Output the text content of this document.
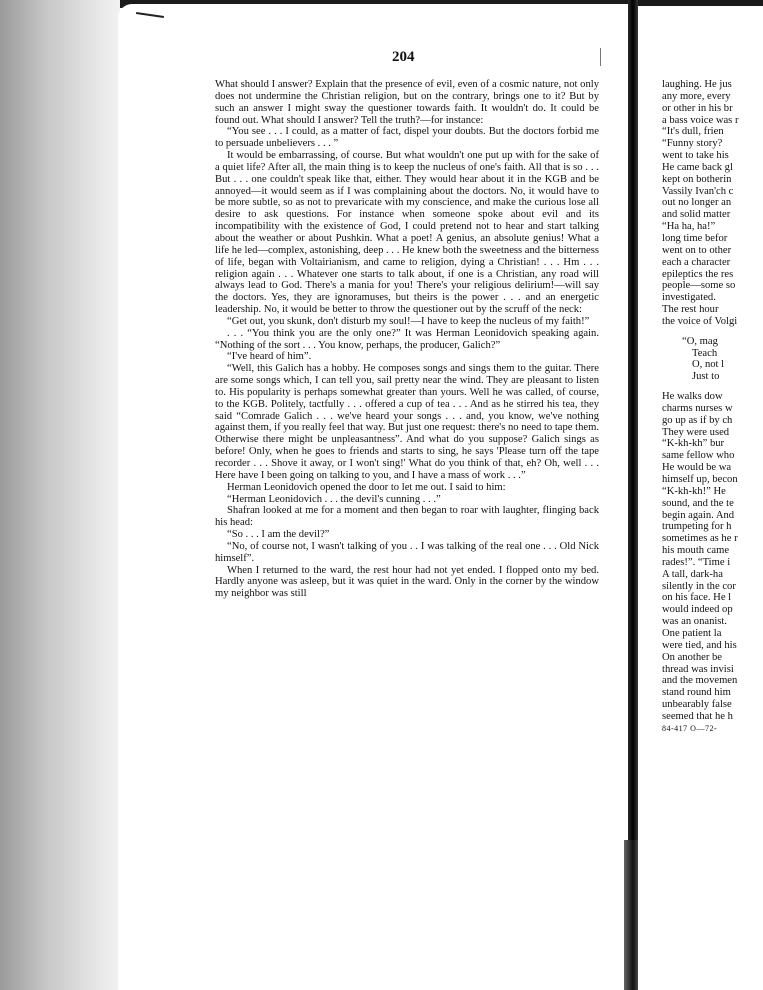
204

What should I answer? Explain that the presence of evil, even of a cosmic nature, not only does not undermine the Christian religion, but on the contrary, brings one to it? But by such an answer I might sway the questioner towards faith. It wouldn't do. It could be found out. What should I answer? Tell the truth?—for instance:

“You see . . . I could, as a matter of fact, dispel your doubts. But the doctors forbid me to persuade unbelievers . . . ”

It would be embarrassing, of course. But what wouldn't one put up with for the sake of a quiet life? After all, the main thing is to keep the nucleus of one's faith. All that is so . . . But . . . one couldn't speak like that, either. They would hear about it in the KGB and be annoyed—it would seem as if I was complaining about the doctors. No, it would have to be more subtle, so as not to prevaricate with my conscience, and make the curious lose all desire to ask questions. For instance when someone spoke about evil and its incompatibility with the existence of God, I could pretend not to hear and start talking about the weather or about Pushkin. What a poet! A genius, an absolute genius! What a life he led—complex, astonishing, deep . . . He knew both the sweetness and the bitterness of life, began with Voltairianism, and came to religion, dying a Christian! . . . Hm . . . religion again . . . Whatever one starts to talk about, if one is a Christian, any road will always lead to God. There's a mania for you! There's your religious delirium!—will say the doctors. Yes, they are ignoramuses, but theirs is the power . . . and an energetic leadership. No, it would be better to throw the questioner out by the scruff of the neck:

“Get out, you skunk, don't disturb my soul!—I have to keep the nucleus of my faith!”

. . . “You think you are the only one?” It was Herman Leonidovich speaking again. “Nothing of the sort . . . You know, perhaps, the producer, Galich?”

“I've heard of him”.

“Well, this Galich has a hobby. He composes songs and sings them to the guitar. There are some songs which, I can tell you, sail pretty near the wind. They are pleasant to listen to. His popularity is perhaps somewhat greater than yours. Well he was called, of course, to the KGB. Politely, tactfully . . . offered a cup of tea . . . And as he stirred his tea, they said “Comrade Galich . . . we've heard your songs . . . and, you know, we've nothing against them, if you really feel that way. But just one request: there's no need to tape them. Otherwise there might be unpleasantness”. And what do you suppose? Galich sings as before! Only, when he goes to friends and starts to sing, he says 'Please turn off the tape recorder . . . Shove it away, or I won't sing!' What do you think of that, eh? Oh, well . . . Here have I been going on talking to you, and I have a mass of work . . .”

Herman Leonidovich opened the door to let me out. I said to him:

“Herman Leonidovich . . . the devil's cunning . . .”

Shafran looked at me for a moment and then began to roar with laughter, flinging back his head:

“So . . . I am the devil?”

“No, of course not, I wasn't talking of you . . I was talking of the real one . . . Old Nick himself”.

When I returned to the ward, the rest hour had not yet ended. I flopped onto my bed. Hardly anyone was asleep, but it was quiet in the ward. Only in the corner by the window my neighbor was still

laughing. He jus
any more, every
or other in his br
a bass voice was r
“It's dull, frien
“Funny story?
went to take his
He came back gl
kept on botherin
Vassily Ivan'ch c
out no longer an
and solid matter
“Ha ha, ha!”
long time befor
went on to other
each a character
epileptics the res
people—some so
investigated.
The rest hour
the voice of Volgi
“O, mag
Teach
O, not l
Just to
He walks dow
charms nurses w
go up as if by ch
They were used
“K-kh-kh” bur
same fellow who
He would be wa
himself up, becon
“K-kh-kh!” He
sound, and the te
begin again. And
trumpeting for h
sometimes as he r
his mouth came
rades!”. “Time i
A tall, dark-ha
silently in the cor
on his face. He l
would indeed op
was an onanist.
One patient la
were tied, and his
On another be
thread was invisi
and the movemen
stand round him
unbearably false
seemed that he h
84-417 O—72-
